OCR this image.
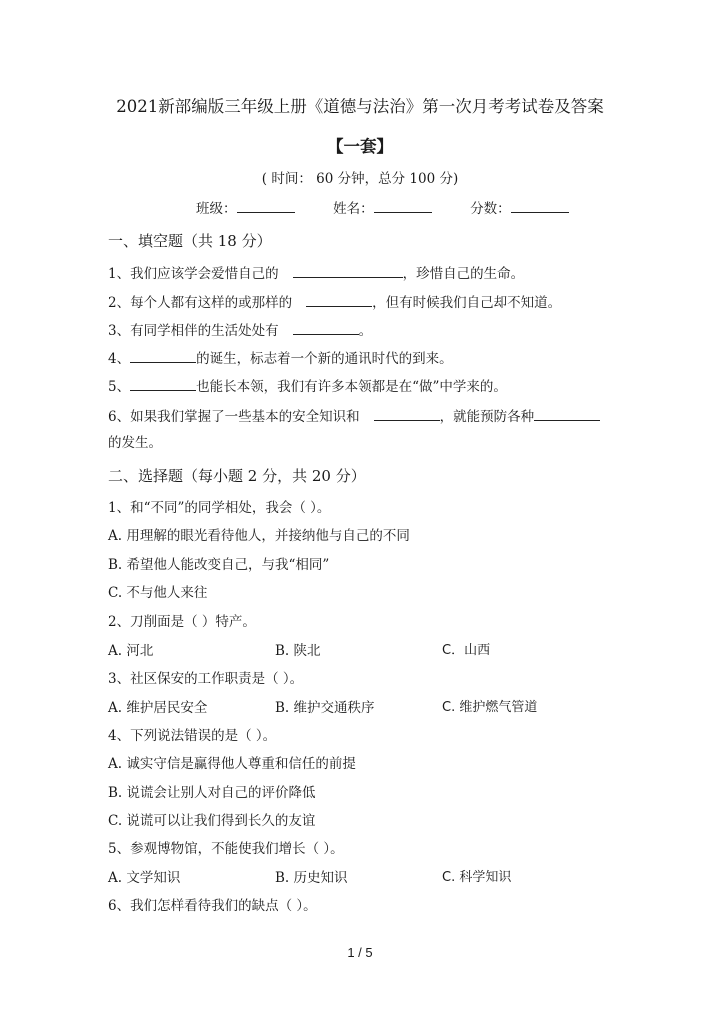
2021新部编版三年级上册《道德与法治》第一次月考考试卷及答案
【一套】
( 时间： 60 分钟，总分 100 分)
班级：	姓名：	分数：
一、填空题（共 18 分）
1、我们应该学会爱惜自己的	，珍惜自己的生命。
2、每个人都有这样的或那样的	，但有时候我们自己却不知道。
3、有同学相伴的生活处处有	。
4、	的诞生，标志着一个新的通讯时代的到来。
5、	也能长本领，我们有许多本领都是在“做”中学来的。
6、如果我们掌握了一些基本的安全知识和	，就能预防各种
的发生。
二、选择题（每小题 2 分，共 20 分）
1、和“不同”的同学相处，我会（ ）。
A. 用理解的眼光看待他人，并接纳他与自己的不同
B. 希望他人能改变自己，与我“相同”
C. 不与他人来往
2、刀削面是（ ）特产。
A. 河北	B. 陕北	C．山西
3、社区保安的工作职责是（ ）。
A. 维护居民安全	B. 维护交通秩序	C. 维护燃气管道
4、下列说法错误的是（ ）。
A. 诚实守信是赢得他人尊重和信任的前提
B. 说谎会让别人对自己的评价降低
C. 说谎可以让我们得到长久的友谊
5、参观博物馆，不能使我们增长（ ）。
A. 文学知识	B. 历史知识	C. 科学知识
6、我们怎样看待我们的缺点（ ）。
1 / 5
